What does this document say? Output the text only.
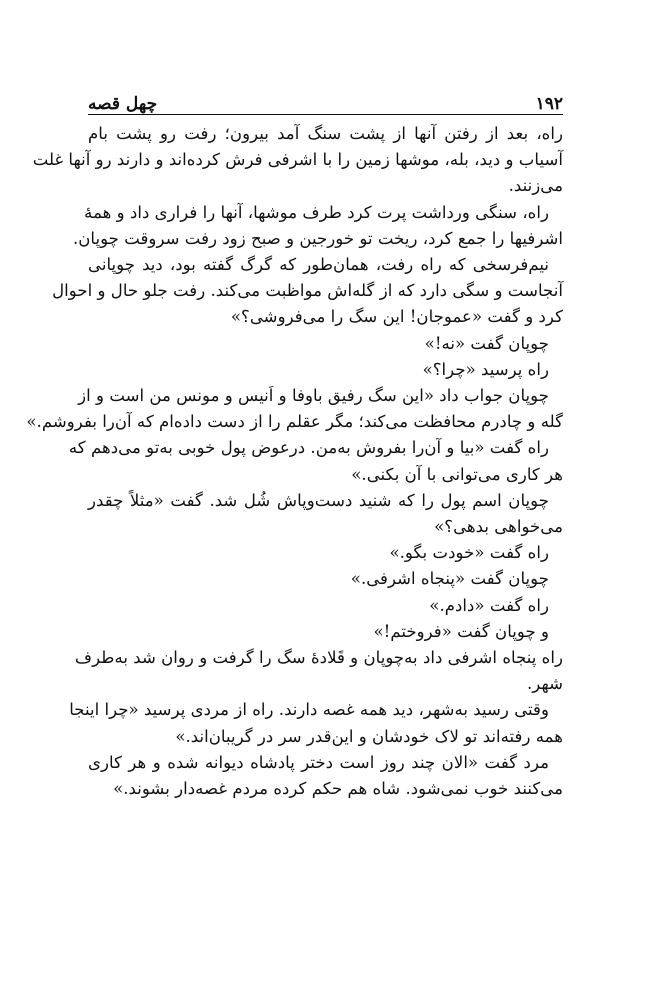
۱۹۲
چهل قصه
راه، بعد از رفتن آنها از پشت سنگ آمد بیرون؛ رفت رو پشت بام
آسیاب و دید، بله، موشها زمین را با اشرفی فرش کرده‌اند و دارند رو آنها غلت
می‌زنند.
راه، سنگی ورداشت پرت کرد طرف موشها، آنها را فراری داد و همهٔ
اشرفیها را جمع کرد، ریخت تو خورجین و صبح زود رفت سروقت چوپان.
نیم‌فرسخی که راه رفت، همان‌طور که گرگ گفته بود، دید چوپانی
آنجاست و سگی دارد که از گله‌اش مواظبت می‌کند. رفت جلو حال و احوال
کرد و گفت «عموجان! این سگ را می‌فروشی؟»
چوپان گفت «نه!»
راه پرسید «چرا؟»
چوپان جواب داد «این سگ رفیق باوفا و اَنیس و مونس من است و از
گله و چادرم محافظت می‌کند؛ مگر عقلم را از دست داده‌ام که آن‌را بفروشم.»
راه گفت «بیا و آن‌را بفروش به‌من. درعوض پول خوبی به‌تو می‌دهم که
هر کاری می‌توانی با آن بکنی.»
چوپان اسم پول را که شنید دست‌وپاش شُل شد. گفت «مثلاً چقدر
می‌خواهی بدهی؟»
راه گفت «خودت بگو.»
چوپان گفت «پنجاه اشرفی.»
راه گفت «دادم.»
و چوپان گفت «فروختم!»
راه پنجاه اشرفی داد به‌چوپان و قَلادهٔ سگ را گرفت و روان شد به‌طرف
شهر.
وقتی رسید به‌شهر، دید همه غصه دارند. راه از مردی پرسید «چرا اینجا
همه رفته‌اند تو لاک خودشان و این‌قدر سر در گریبان‌اند.»
مرد گفت «الان چند روز است دختر پادشاه دیوانه شده و هر کاری
می‌کنند خوب نمی‌شود. شاه هم حکم کرده مردم غصه‌دار بشوند.»
